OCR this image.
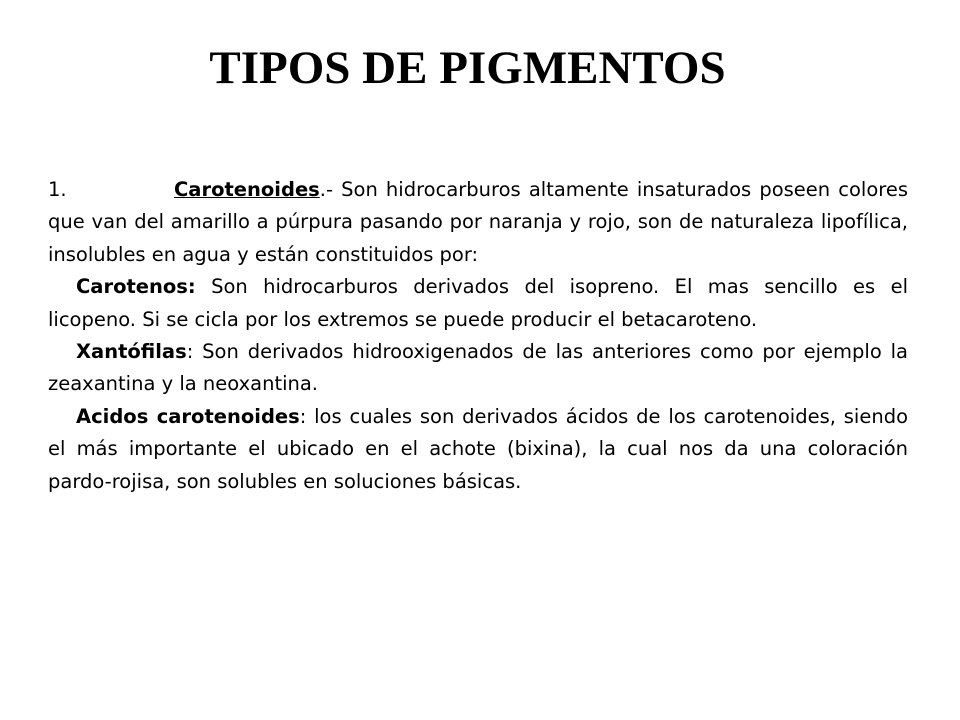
TIPOS DE PIGMENTOS

1.	Carotenoides.- Son hidrocarburos altamente insaturados poseen colores que van del amarillo a púrpura pasando por naranja y rojo, son de naturaleza lipofílica, insolubles en agua y están constituidos por:

Carotenos: Son hidrocarburos derivados del isopreno. El mas sencillo es el licopeno. Si se cicla por los extremos se puede producir el betacaroteno.

Xantófilas: Son derivados hidrooxigenados de las anteriores como por ejemplo la zeaxantina y la neoxantina.

Acidos carotenoides: los cuales son derivados ácidos de los carotenoides, siendo el más importante el ubicado en el achote (bixina), la cual nos da una coloración pardo-rojisa, son solubles en soluciones básicas.
